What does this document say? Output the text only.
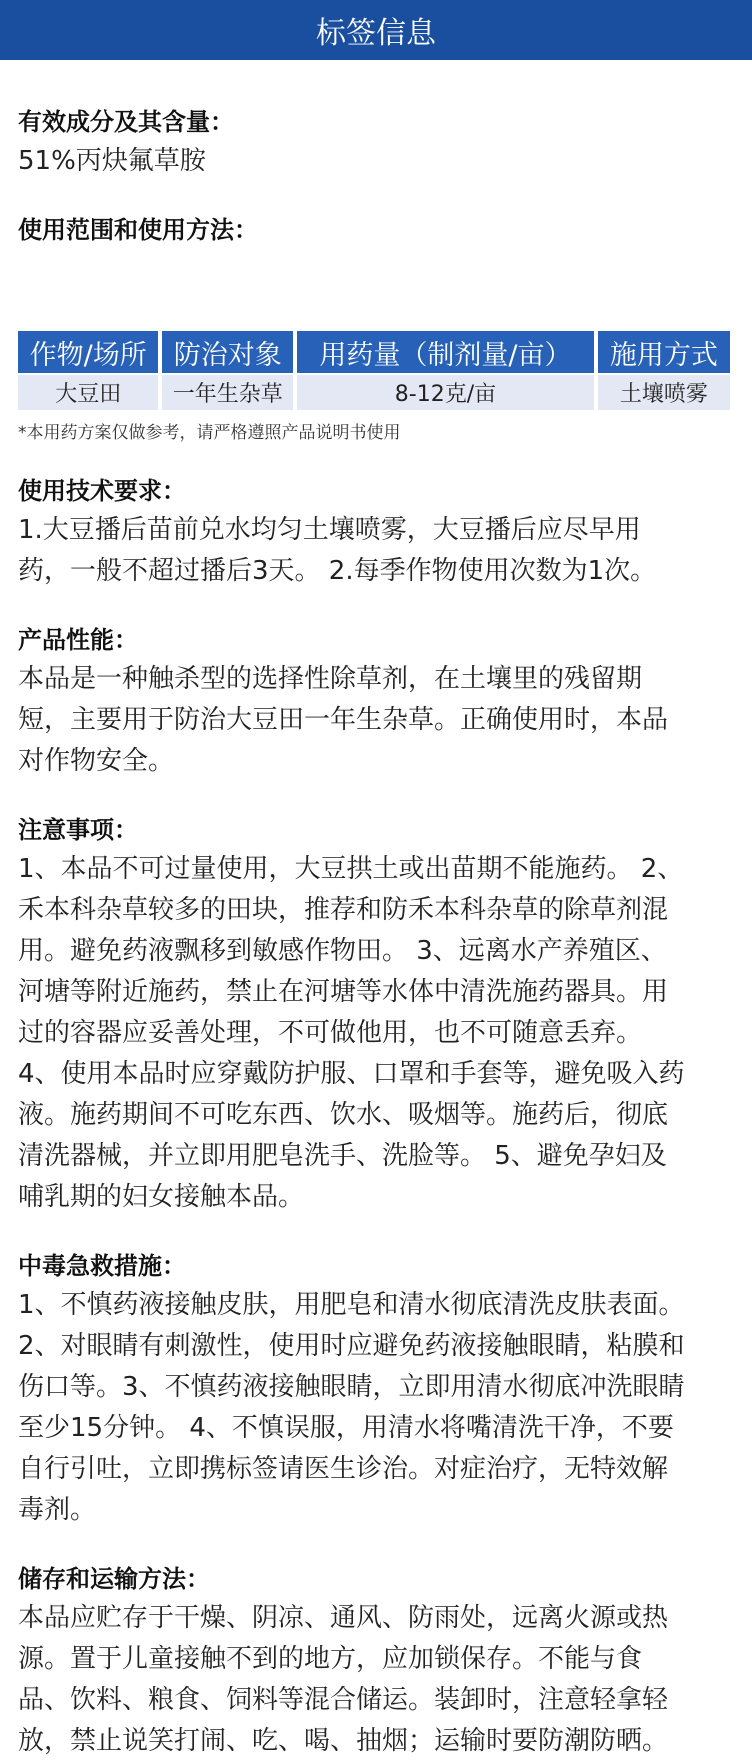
标签信息

有效成分及其含量：

51%丙炔氟草胺

使用范围和使用方法：

作物/场所	防治对象	用药量（制剂量/亩）	施用方式
大豆田	一年生杂草	8-12克/亩	土壤喷雾
*本用药方案仅做参考，请严格遵照产品说明书使用

使用技术要求：

1.大豆播后苗前兑水均匀土壤喷雾，大豆播后应尽早用
药，一般不超过播后3天。 2.每季作物使用次数为1次。

产品性能：

本品是一种触杀型的选择性除草剂，在土壤里的残留期
短，主要用于防治大豆田一年生杂草。正确使用时，本品
对作物安全。

注意事项：

1、本品不可过量使用，大豆拱土或出苗期不能施药。 2、
禾本科杂草较多的田块，推荐和防禾本科杂草的除草剂混
用。避免药液飘移到敏感作物田。 3、远离水产养殖区、
河塘等附近施药，禁止在河塘等水体中清洗施药器具。用
过的容器应妥善处理，不可做他用，也不可随意丢弃。
4、使用本品时应穿戴防护服、口罩和手套等，避免吸入药
液。施药期间不可吃东西、饮水、吸烟等。施药后，彻底
清洗器械，并立即用肥皂洗手、洗脸等。 5、避免孕妇及
哺乳期的妇女接触本品。

中毒急救措施：

1、不慎药液接触皮肤，用肥皂和清水彻底清洗皮肤表面。
2、对眼睛有刺激性，使用时应避免药液接触眼睛，粘膜和
伤口等。3、不慎药液接触眼睛，立即用清水彻底冲洗眼睛
至少15分钟。 4、不慎误服，用清水将嘴清洗干净，不要
自行引吐，立即携标签请医生诊治。对症治疗，无特效解
毒剂。

储存和运输方法：

本品应贮存于干燥、阴凉、通风、防雨处，远离火源或热
源。置于儿童接触不到的地方，应加锁保存。不能与食
品、饮料、粮食、饲料等混合储运。装卸时，注意轻拿轻
放，禁止说笑打闹、吃、喝、抽烟；运输时要防潮防晒。
